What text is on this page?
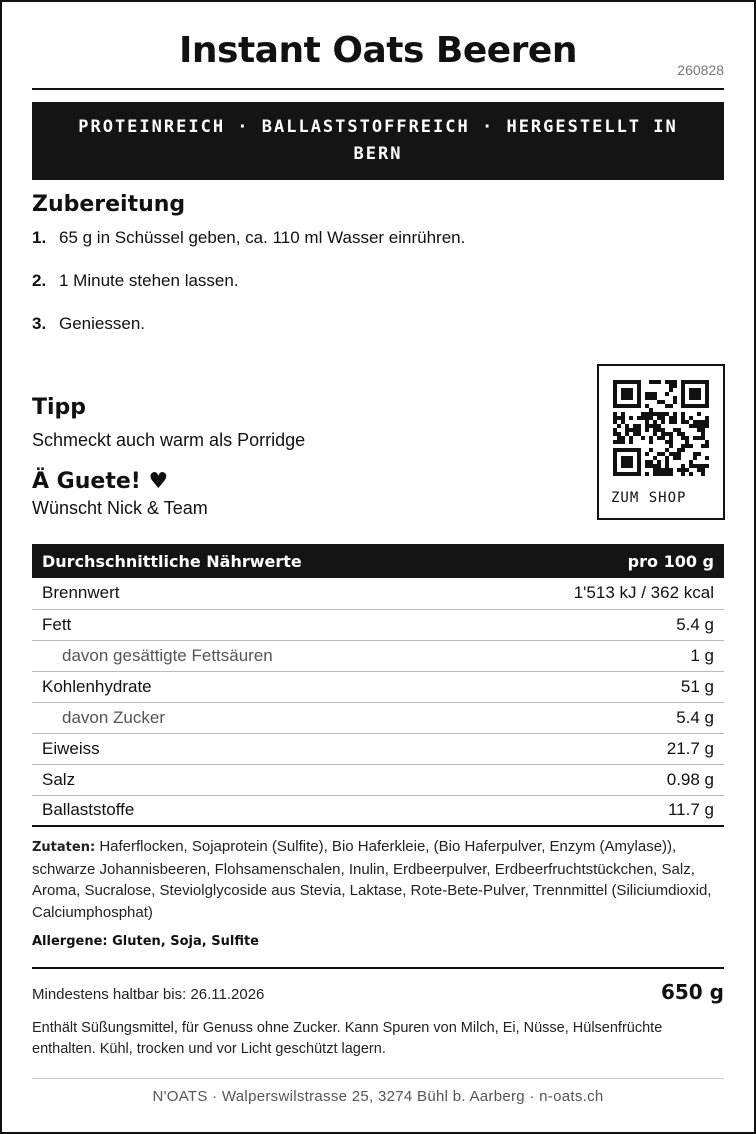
Instant Oats Beeren	260828
PROTEINREICH · BALLASTSTOFFREICH · HERGESTELLT IN BERN
Zubereitung
1. 65 g in Schüssel geben, ca. 110 ml Wasser einrühren.
2. 1 Minute stehen lassen.
3. Geniessen.
Tipp
Schmeckt auch warm als Porridge
Ä Guete! ♥
Wünscht Nick & Team	ZUM SHOP
Durchschnittliche Nährwerte	pro 100 g
Brennwert	1'513 kJ / 362 kcal
Fett	5.4 g
davon gesättigte Fettsäuren	1 g
Kohlenhydrate	51 g
davon Zucker	5.4 g
Eiweiss	21.7 g
Salz	0.98 g
Ballaststoffe	11.7 g

Zutaten: Haferflocken, Sojaprotein (Sulfite), Bio Haferkleie, (Bio Haferpulver, Enzym (Amylase)), schwarze Johannisbeeren, Flohsamenschalen, Inulin, Erdbeerpulver, Erdbeerfruchtstückchen, Salz, Aroma, Sucralose, Steviolglycoside aus Stevia, Laktase, Rote-Bete-Pulver, Trennmittel (Siliciumdioxid, Calciumphosphat)

Allergene: Gluten, Soja, Sulfite

Mindestens haltbar bis: 26.11.2026	650 g

Enthält Süßungsmittel, für Genuss ohne Zucker. Kann Spuren von Milch, Ei, Nüsse, Hülsenfrüchte enthalten. Kühl, trocken und vor Licht geschützt lagern.

N'OATS · Walperswilstrasse 25, 3274 Bühl b. Aarberg · n-oats.ch
